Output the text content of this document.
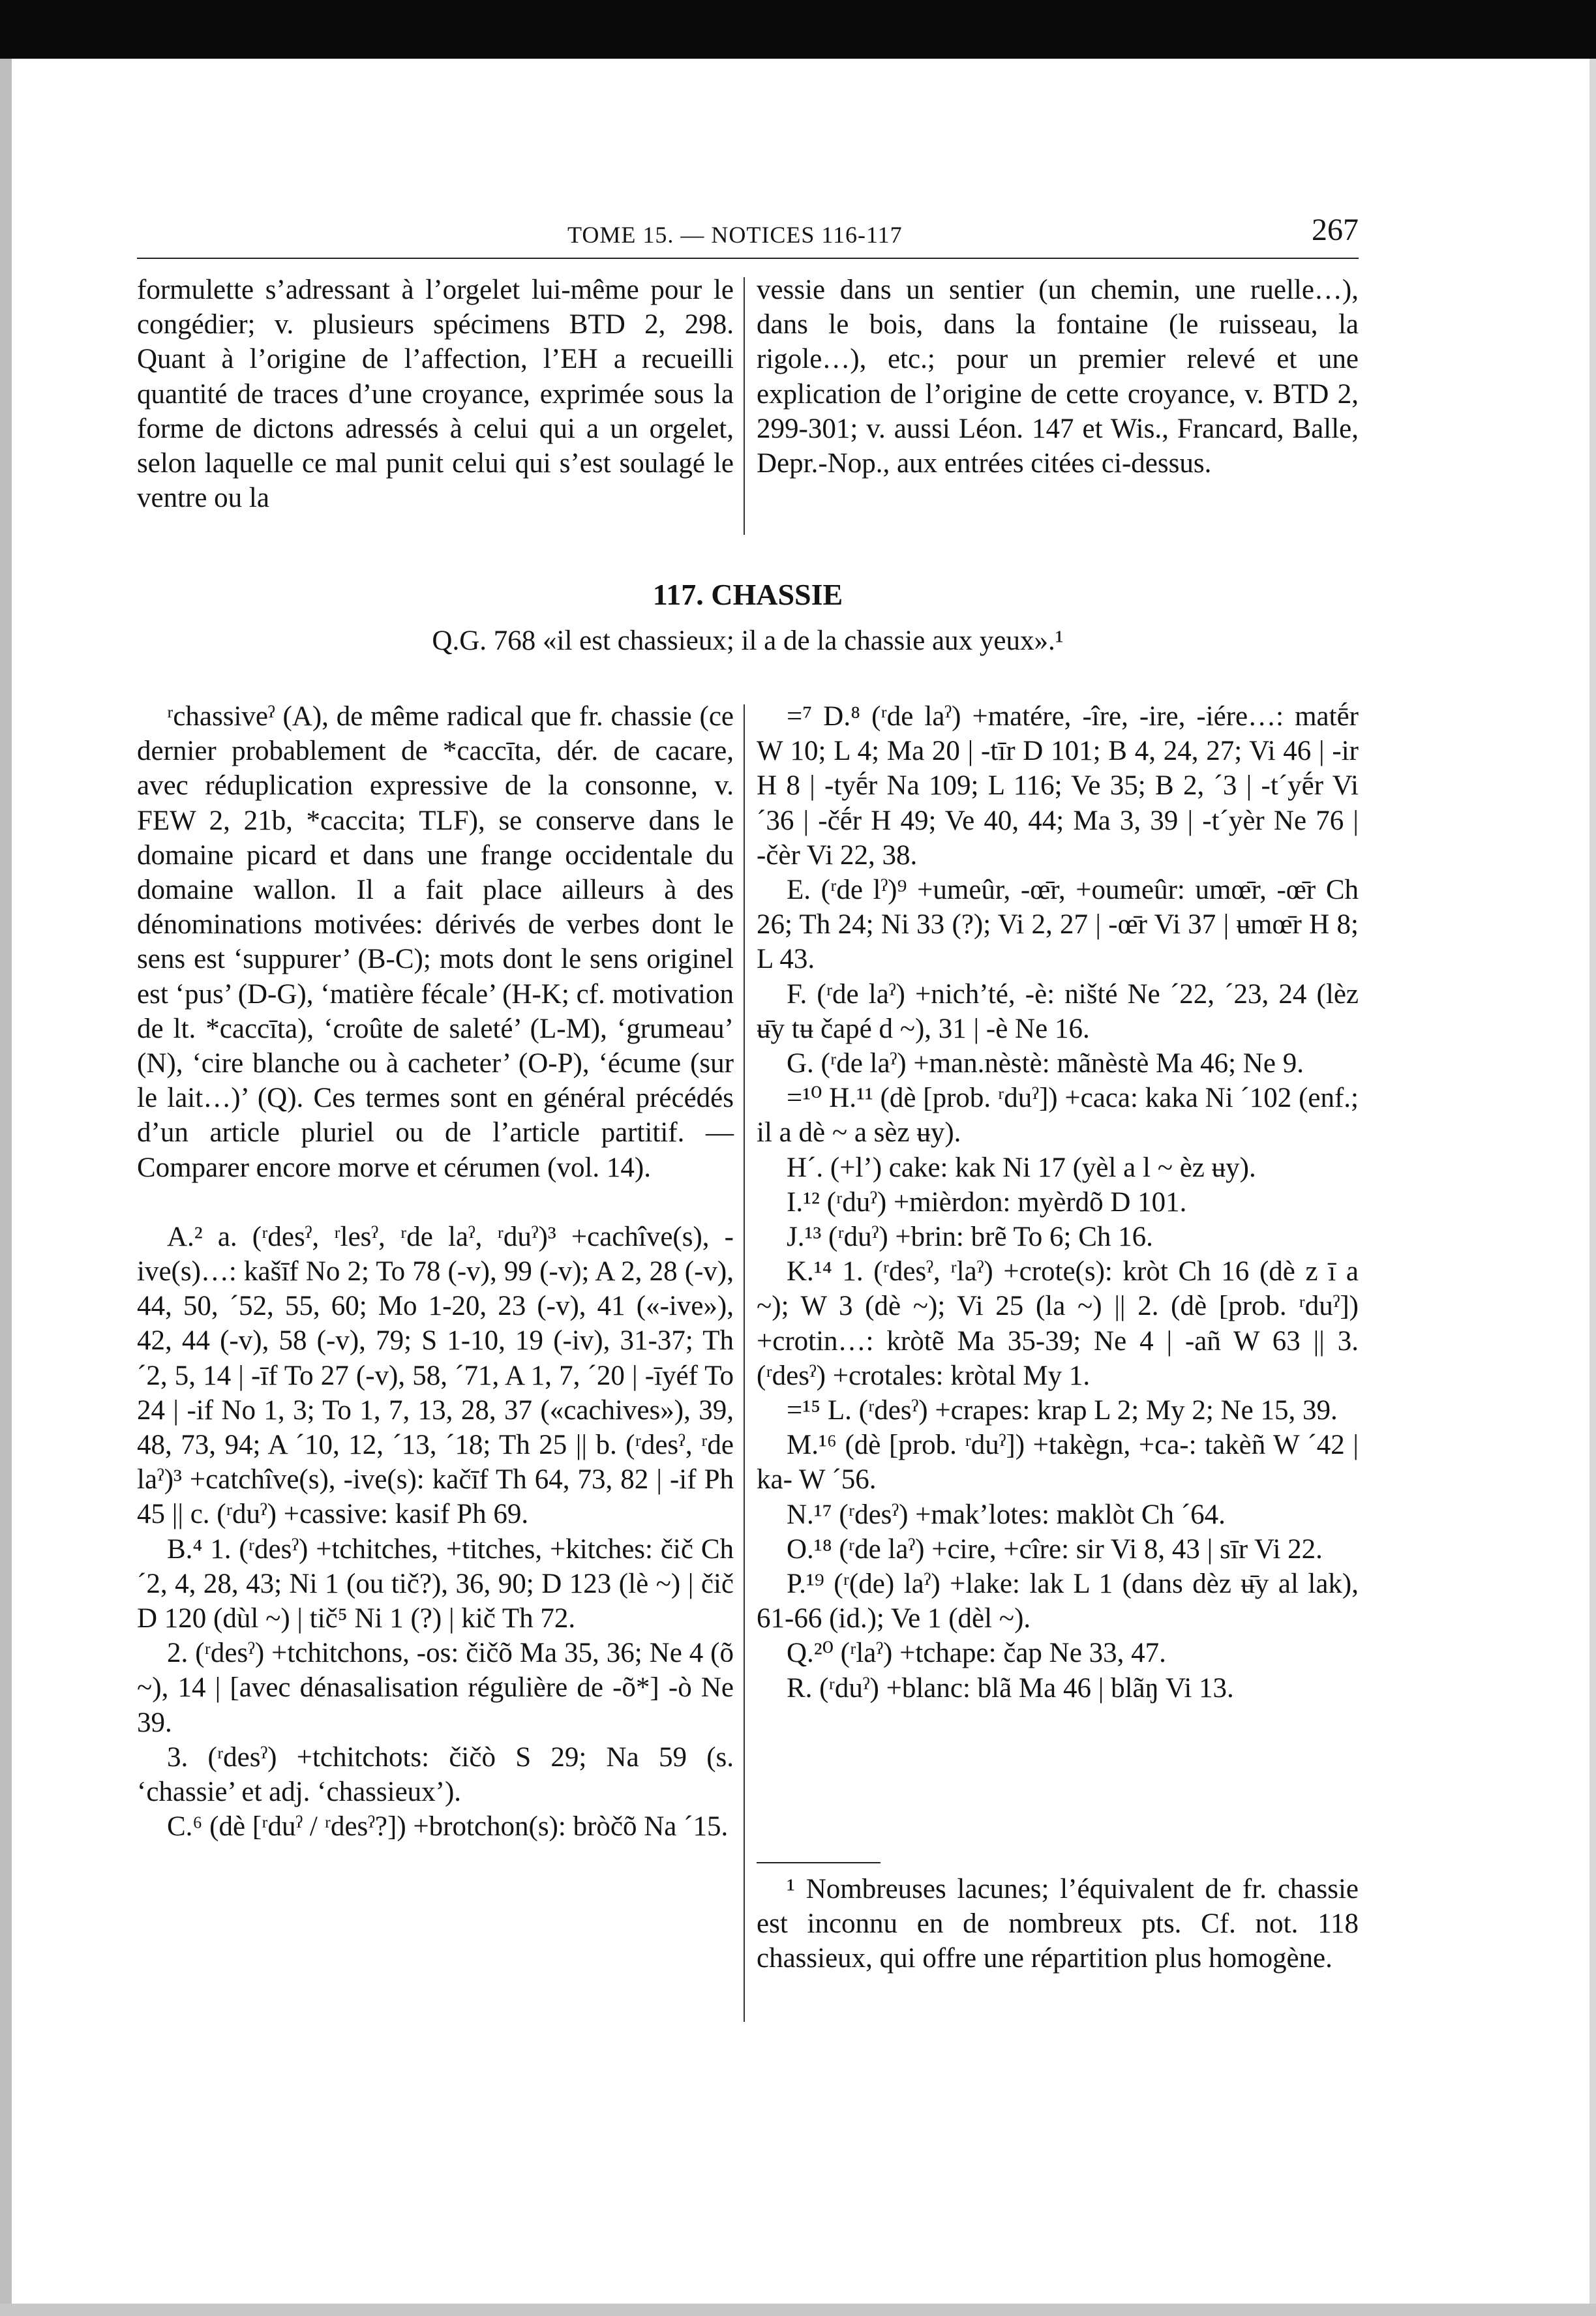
TOME 15. — NOTICES 116-117	267

formulette s’adressant à l’orgelet lui-même pour le congédier; v. plusieurs spécimens BTD 2, 298. Quant à l’origine de l’affection, l’EH a recueilli quantité de traces d’une croyance, exprimée sous la forme de dictons adressés à celui qui a un orgelet, selon laquelle ce mal punit celui qui s’est soulagé le ventre ou la

vessie dans un sentier (un chemin, une ruelle…), dans le bois, dans la fontaine (le ruisseau, la rigole…), etc.; pour un premier relevé et une explication de l’origine de cette croyance, v. BTD 2, 299-301; v. aussi Léon. 147 et Wis., Francard, Balle, Depr.-Nop., aux entrées citées ci-dessus.

117. CHASSIE
Q.G. 768 «il est chassieux; il a de la chassie aux yeux».¹

ʳchassiveˀ (A), de même radical que fr. chassie (ce dernier probablement de *caccīta, dér. de cacare, avec réduplication expressive de la consonne, v. FEW 2, 21b, *caccita; TLF), se conserve dans le domaine picard et dans une frange occidentale du domaine wallon. Il a fait place ailleurs à des dénominations motivées: dérivés de verbes dont le sens est ‘suppurer’ (B-C); mots dont le sens originel est ‘pus’ (D-G), ‘matière fécale’ (H-K; cf. motivation de lt. *caccīta), ‘croûte de saleté’ (L-M), ‘grumeau’ (N), ‘cire blanche ou à cacheter’ (O-P), ‘écume (sur le lait…)’ (Q). Ces termes sont en général précédés d’un article pluriel ou de l’article partitif. — Comparer encore morve et cérumen (vol. 14).

A.² a. (ʳdesˀ, ʳlesˀ, ʳde laˀ, ʳduˀ)³ +cachîve(s), -ive(s)…: kašīf No 2; To 78 (-v), 99 (-v); A 2, 28 (-v), 44, 50, ´52, 55, 60; Mo 1-20, 23 (-v), 41 («-ive»), 42, 44 (-v), 58 (-v), 79; S 1-10, 19 (-iv), 31-37; Th ´2, 5, 14 | -īf To 27 (-v), 58, ´71, A 1, 7, ´20 | -īyéf To 24 | -if No 1, 3; To 1, 7, 13, 28, 37 («cachives»), 39, 48, 73, 94; A ´10, 12, ´13, ´18; Th 25 || b. (ʳdesˀ, ʳde laˀ)³ +catchîve(s), -ive(s): kačīf Th 64, 73, 82 | -if Ph 45 || c. (ʳduˀ) +cassive: kasif Ph 69.

B.⁴ 1. (ʳdesˀ) +tchitches, +titches, +kitches: čič Ch ´2, 4, 28, 43; Ni 1 (ou tič?), 36, 90; D 123 (lè ~) | čič D 120 (dùl ~) | tič⁵ Ni 1 (?) | kič Th 72.

2. (ʳdesˀ) +tchitchons, -os: čičõ Ma 35, 36; Ne 4 (õ ~), 14 | [avec dénasalisation régulière de -õ*] -ò Ne 39.

3. (ʳdesˀ) +tchitchots: čičò S 29; Na 59 (s. ‘chassie’ et adj. ‘chassieux’).

C.⁶ (dè [ʳduˀ / ʳdesˀ?]) +brotchon(s): bròčõ Na ´15.

=⁷ D.⁸ (ʳde laˀ) +matére, -îre, -ire, -iére…: matḗr W 10; L 4; Ma 20 | -tīr D 101; B 4, 24, 27; Vi 46 | -ir H 8 | -tyḗr Na 109; L 116; Ve 35; B 2, ´3 | -t´yḗr Vi ´36 | -čḗr H 49; Ve 40, 44; Ma 3, 39 | -t´yèr Ne 76 | -čèr Vi 22, 38.

E. (ʳde lˀ)⁹ +umeûr, -œ̄r, +oumeûr: umœ̄r, -œ̄r Ch 26; Th 24; Ni 33 (?); Vi 2, 27 | -œ̄r Vi 37 | ʉmœ̄r H 8; L 43.

F. (ʳde laˀ) +nich’té, -è: ništé Ne ´22, ´23, 24 (lèz ʉ̄y tʉ čapé d ~), 31 | -è Ne 16.

G. (ʳde laˀ) +man.nèstè: mãnèstè Ma 46; Ne 9.

=¹⁰ H.¹¹ (dè [prob. ʳduˀ]) +caca: kaka Ni ´102 (enf.; il a dè ~ a sèz ʉy).

H´. (+l’) cake: kak Ni 17 (yèl a l ~ èz ʉy).

I.¹² (ʳduˀ) +mièrdon: myèrdõ D 101.

J.¹³ (ʳduˀ) +brin: brẽ To 6; Ch 16.

K.¹⁴ 1. (ʳdesˀ, ʳlaˀ) +crote(s): kròt Ch 16 (dè z ī a ~); W 3 (dè ~); Vi 25 (la ~) || 2. (dè [prob. ʳduˀ]) +crotin…: kròtẽ Ma 35-39; Ne 4 | -añ W 63 || 3. (ʳdesˀ) +crotales: kròtal My 1.

=¹⁵ L. (ʳdesˀ) +crapes: krap L 2; My 2; Ne 15, 39.

M.¹⁶ (dè [prob. ʳduˀ]) +takègn, +ca-: takèñ W ´42 | ka- W ´56.

N.¹⁷ (ʳdesˀ) +mak’lotes: maklòt Ch ´64.

O.¹⁸ (ʳde laˀ) +cire, +cîre: sir Vi 8, 43 | sīr Vi 22.

P.¹⁹ (ʳ(de) laˀ) +lake: lak L 1 (dans dèz ʉ̄y al lak), 61-66 (id.); Ve 1 (dèl ~).

Q.²⁰ (ʳlaˀ) +tchape: čap Ne 33, 47.

R. (ʳduˀ) +blanc: blã Ma 46 | blãŋ Vi 13.

¹ Nombreuses lacunes; l’équivalent de fr. chassie est inconnu en de nombreux pts. Cf. not. 118 chassieux, qui offre une répartition plus homogène.
